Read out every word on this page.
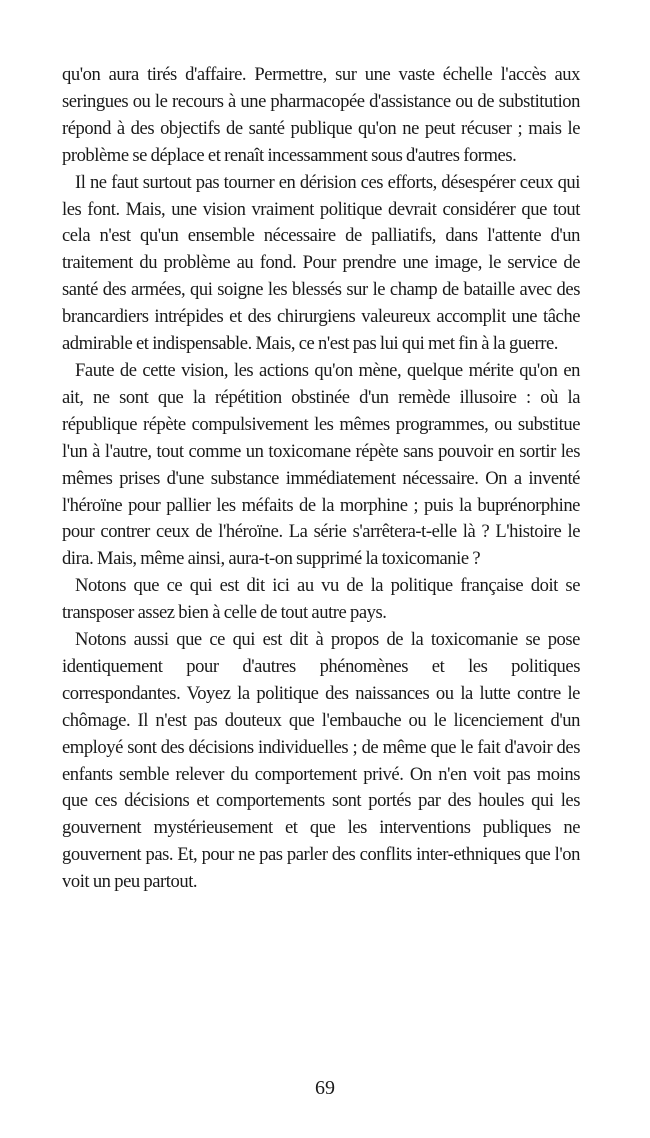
qu'on aura tirés d'affaire. Permettre, sur une vaste échelle l'accès aux seringues ou le recours à une pharmacopée d'assistance ou de substitution répond à des objectifs de santé publique qu'on ne peut récuser ; mais le problème se déplace et renaît incessamment sous d'autres formes.

Il ne faut surtout pas tourner en dérision ces efforts, désespérer ceux qui les font. Mais, une vision vraiment politique devrait considérer que tout cela n'est qu'un ensemble nécessaire de palliatifs, dans l'attente d'un traitement du problème au fond. Pour prendre une image, le service de santé des armées, qui soigne les blessés sur le champ de bataille avec des brancardiers intrépides et des chirurgiens valeureux accomplit une tâche admirable et indispensable. Mais, ce n'est pas lui qui met fin à la guerre.

Faute de cette vision, les actions qu'on mène, quelque mérite qu'on en ait, ne sont que la répétition obstinée d'un remède illusoire : où la république répète compulsivement les mêmes programmes, ou substitue l'un à l'autre, tout comme un toxicomane répète sans pouvoir en sortir les mêmes prises d'une substance immédiatement nécessaire. On a inventé l'héroïne pour pallier les méfaits de la morphine ; puis la buprénorphine pour contrer ceux de l'héroïne. La série s'arrêtera-t-elle là ? L'histoire le dira. Mais, même ainsi, aura-t-on supprimé la toxicomanie ?

Notons que ce qui est dit ici au vu de la politique française doit se transposer assez bien à celle de tout autre pays.

Notons aussi que ce qui est dit à propos de la toxicomanie se pose identiquement pour d'autres phénomènes et les politiques correspondantes. Voyez la politique des naissances ou la lutte contre le chômage. Il n'est pas douteux que l'embauche ou le licenciement d'un employé sont des décisions individuelles ; de même que le fait d'avoir des enfants semble relever du comportement privé. On n'en voit pas moins que ces décisions et comportements sont portés par des houles qui les gouvernent mystérieusement et que les interventions publiques ne gouvernent pas. Et, pour ne pas parler des conflits inter-ethniques que l'on voit un peu partout.

69
